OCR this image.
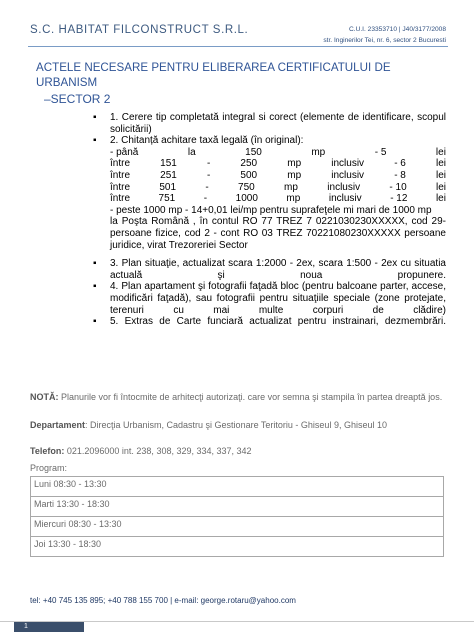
S.C. HABITAT FILCONSTRUCT S.R.L.	C.U.I. 23353710 | J40/3177/2008
str. Inginerilor Tei, nr. 6, sector 2 Bucuresti
ACTELE NECESARE PENTRU ELIBERAREA CERTIFICATULUI DE URBANISM
–SECTOR 2
▪ 1. Cerere tip completată integral si corect (elemente de identificare, scopul solicitării)
▪ 2. Chitanță achitare taxă legală (în original):
- până	la	150	mp	- 5	lei
între	151	-	250	mp	inclusiv	- 6	lei
între	251	-	500	mp	inclusiv	- 8	lei
între	501	-	750	mp	inclusiv	- 10	lei
între	751	-	1000	mp	inclusiv	- 12	lei
- peste 1000 mp - 14+0,01 lei/mp pentru suprafeţele mi mari de 1000 mp
la Poşta Română , în contul RO 77 TREZ 7 0221030230XXXXX, cod 29-persoane fizice, cod 2 - cont RO 03 TREZ 70221080230XXXXX persoane juridice, virat Trezoreriei Sector
▪ 3. Plan situaţie, actualizat scara 1:2000 - 2ex, scara 1:500 - 2ex cu situatia actuală şi noua propunere.
▪ 4. Plan apartament şi fotografii faţadă bloc (pentru balcoane parter, accese, modificări faţadă), sau fotografii pentru situaţiile speciale (zone protejate, terenuri cu mai multe corpuri de clădire)
▪ 5. Extras de Carte funciară actualizat pentru instrainari, dezmembrări.
NOTĂ: Planurile vor fi întocmite de arhitecţi autorizaţi. care vor semna şi stampila în partea dreaptă jos.
Departament: Direcţia Urbanism, Cadastru şi Gestionare Teritoriu - Ghiseul 9, Ghiseul 10
Telefon: 021.2096000 int. 238, 308, 329, 334, 337, 342
Program:
Luni 08:30 - 13:30
Marti 13:30 - 18:30
Miercuri 08:30 - 13:30
Joi 13:30 - 18:30
tel: +40 745 135 895; +40 788 155 700 | e-mail: george.rotaru@yahoo.com
1
